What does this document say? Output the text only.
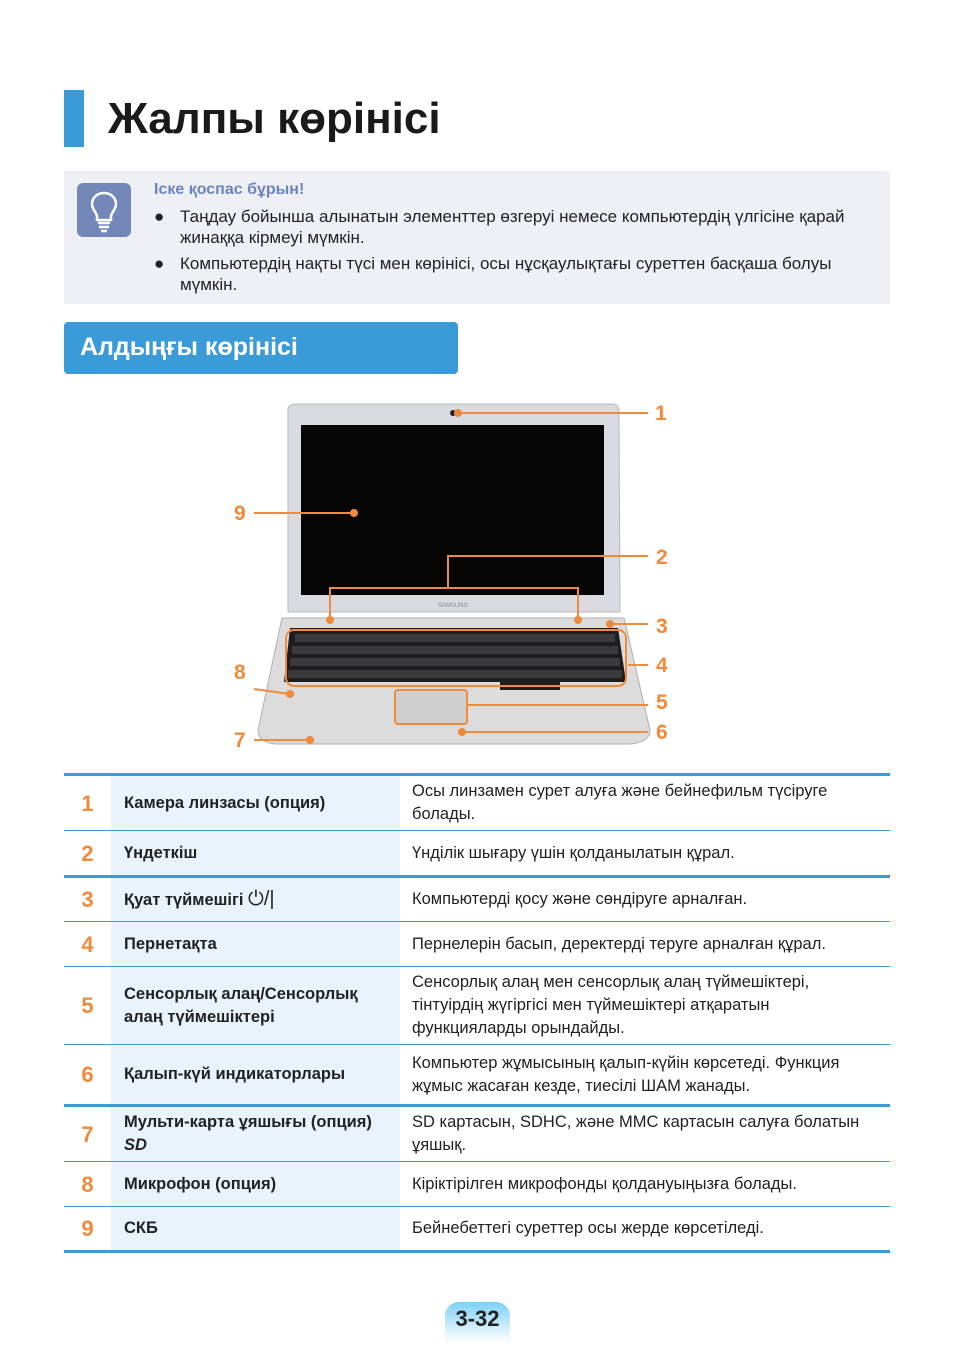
Жалпы көрінісі
Іске қоспас бұрын!
● Таңдау бойынша алынатын элементтер өзгеруі немесе компьютердің үлгісіне қарай жинаққа кірмеуі мүмкін.
● Компьютердің нақты түсі мен көрінісі, осы нұсқаулықтағы суреттен басқаша болуы мүмкін.
Алдыңғы көрінісі
SAMSUNG
1
2
3
4
5
6
7
8
9
1	Камера линзасы (опция)	Осы линзамен сурет алуға және бейнефильм түсіруге болады.
2	Үндеткіш	Үнділік шығару үшін қолданылатын құрал.
3	Қуат түймешігі ⏻/|	Компьютерді қосу және сөндіруге арналған.
4	Пернетақта	Пернелерін басып, деректерді теруге арналған құрал.
5	Сенсорлық алаң/Сенсорлық алаң түймешіктері	Сенсорлық алаң мен сенсорлық алаң түймешіктері, тінтуірдің жүгіргісі мен түймешіктері атқаратын функцияларды орындайды.
6	Қалып-күй индикаторлары	Компьютер жұмысының қалып-күйін көрсетеді. Функция жұмыс жасаған кезде, тиесілі ШАМ жанады.
7	Мульти-карта ұяшығы (опция) SD	SD картасын, SDHC, және MMC картасын салуға болатын ұяшық.
8	Микрофон (опция)	Кіріктірілген микрофонды қолдануыңызға болады.
9	СКБ	Бейнебеттегі суреттер осы жерде көрсетіледі.
3-32
